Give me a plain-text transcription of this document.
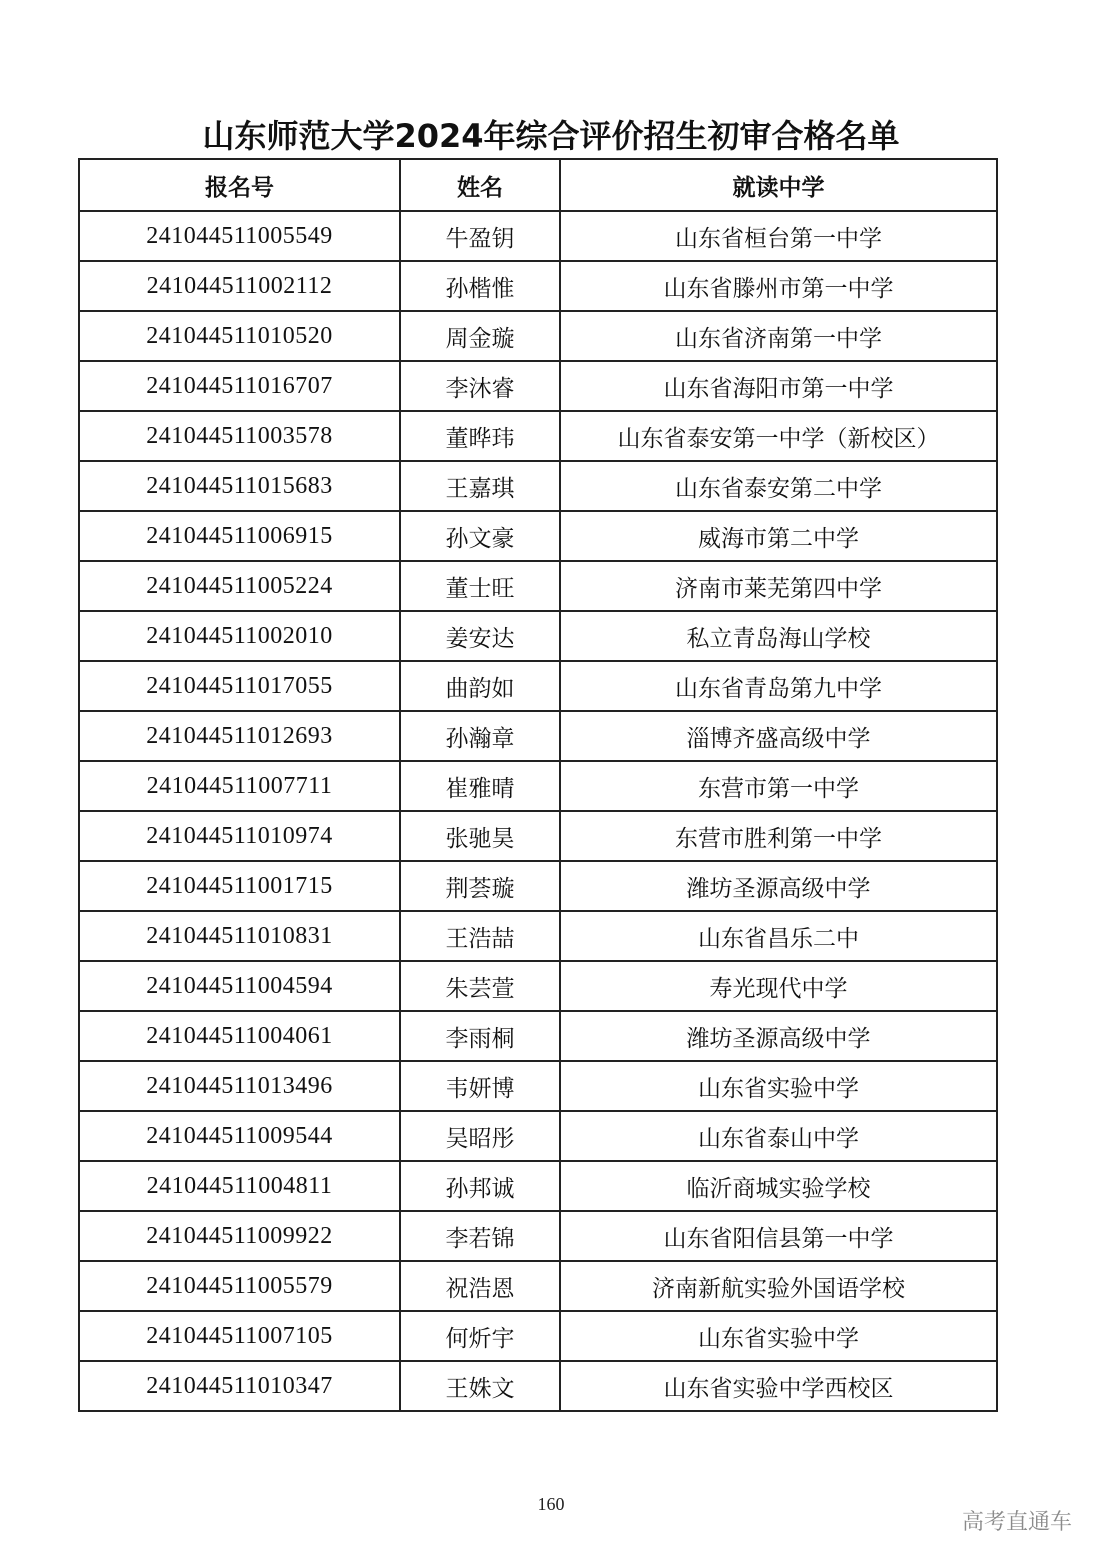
山东师范大学2024年综合评价招生初审合格名单
报名号	姓名	就读中学
241044511005549	牛盈钥	山东省桓台第一中学
241044511002112	孙楷惟	山东省滕州市第一中学
241044511010520	周金璇	山东省济南第一中学
241044511016707	李沐睿	山东省海阳市第一中学
241044511003578	董晔玮	山东省泰安第一中学（新校区）
241044511015683	王嘉琪	山东省泰安第二中学
241044511006915	孙文豪	威海市第二中学
241044511005224	董士旺	济南市莱芜第四中学
241044511002010	姜安达	私立青岛海山学校
241044511017055	曲韵如	山东省青岛第九中学
241044511012693	孙瀚章	淄博齐盛高级中学
241044511007711	崔雅晴	东营市第一中学
241044511010974	张驰昊	东营市胜利第一中学
241044511001715	荆荟璇	潍坊圣源高级中学
241044511010831	王浩喆	山东省昌乐二中
241044511004594	朱芸萱	寿光现代中学
241044511004061	李雨桐	潍坊圣源高级中学
241044511013496	韦妍博	山东省实验中学
241044511009544	吴昭彤	山东省泰山中学
241044511004811	孙邦诚	临沂商城实验学校
241044511009922	李若锦	山东省阳信县第一中学
241044511005579	祝浩恩	济南新航实验外国语学校
241044511007105	何炘宇	山东省实验中学
241044511010347	王姝文	山东省实验中学西校区
160
高考直通车
